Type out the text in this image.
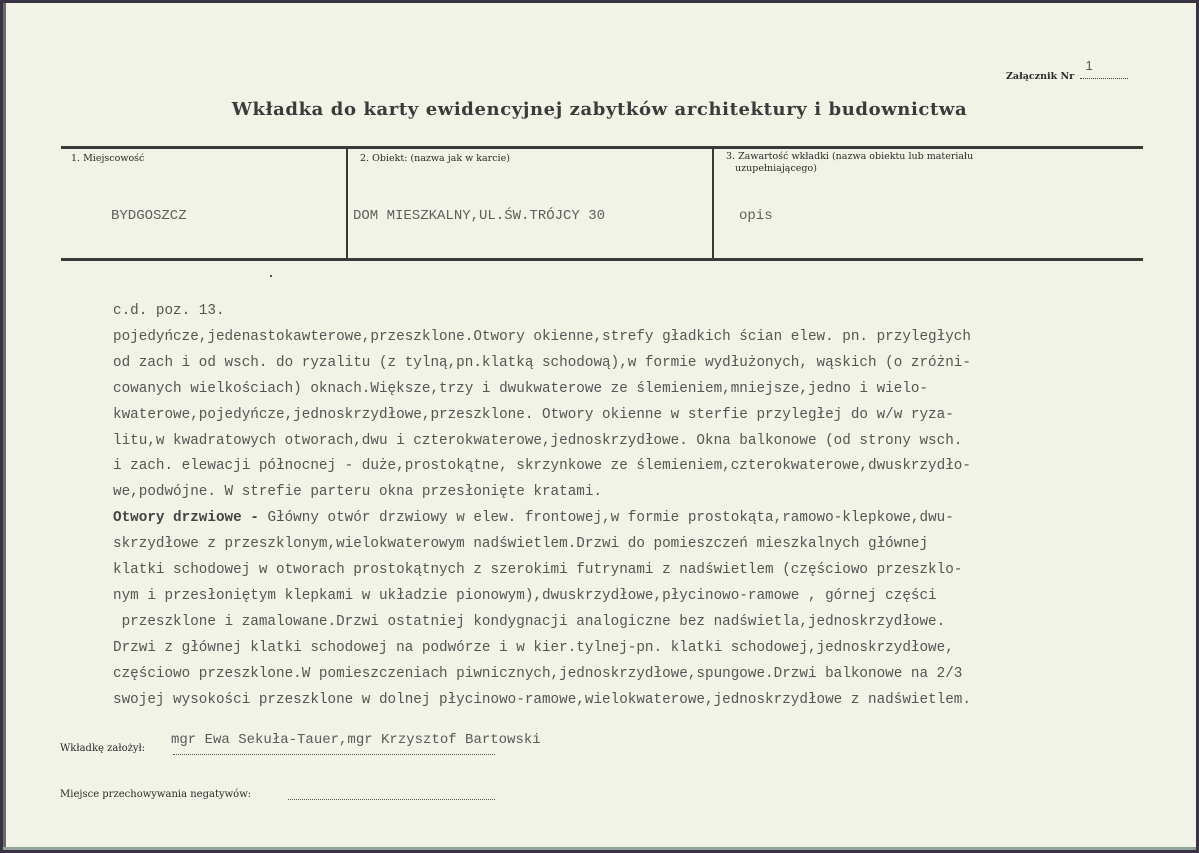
Załącznik Nr
1
Wkładka do karty ewidencyjnej zabytków architektury i budownictwa
1. Miejscowość
BYDGOSZCZ
2. Obiekt: (nazwa jak w karcie)
DOM MIESZKALNY,UL.ŚW.TRÓJCY 30
3. Zawartość wkładki (nazwa obiektu lub materiału
uzupełniającego)
opis
c.d. poz. 13.
pojedyńcze,jedenastokawterowe,przeszklone.Otwory okienne,strefy gładkich ścian elew. pn. przyległych
od zach i od wsch. do ryzalitu (z tylną,pn.klatką schodową),w formie wydłużonych, wąskich (o zróżni-
cowanych wielkościach) oknach.Większe,trzy i dwukwaterowe ze ślemieniem,mniejsze,jedno i wielo-
kwaterowe,pojedyńcze,jednoskrzydłowe,przeszklone. Otwory okienne w sterfie przyległej do w/w ryza-
litu,w kwadratowych otworach,dwu i czterokwaterowe,jednoskrzydłowe. Okna balkonowe (od strony wsch.
i zach. elewacji północnej - duże,prostokątne, skrzynkowe ze ślemieniem,czterokwaterowe,dwuskrzydło-
we,podwójne. W strefie parteru okna przesłonięte kratami.
Otwory drzwiowe - Główny otwór drzwiowy w elew. frontowej,w formie prostokąta,ramowo-klepkowe,dwu-
skrzydłowe z przeszklonym,wielokwaterowym nadświetlem.Drzwi do pomieszczeń mieszkalnych głównej
klatki schodowej w otworach prostokątnych z szerokimi futrynami z nadświetlem (częściowo przeszklo-
nym i przesłoniętym klepkami w układzie pionowym),dwuskrzydłowe,płycinowo-ramowe , górnej części
przeszklone i zamalowane.Drzwi ostatniej kondygnacji analogiczne bez nadświetla,jednoskrzydłowe.
Drzwi z głównej klatki schodowej na podwórze i w kier.tylnej-pn. klatki schodowej,jednoskrzydłowe,
częściowo przeszklone.W pomieszczeniach piwnicznych,jednoskrzydłowe,spungowe.Drzwi balkonowe na 2/3
swojej wysokości przeszklone w dolnej płycinowo-ramowe,wielokwaterowe,jednoskrzydłowe z nadświetlem.
Wkładkę założył:
mgr Ewa Sekuła-Tauer,mgr Krzysztof Bartowski
Miejsce przechowywania negatywów:
